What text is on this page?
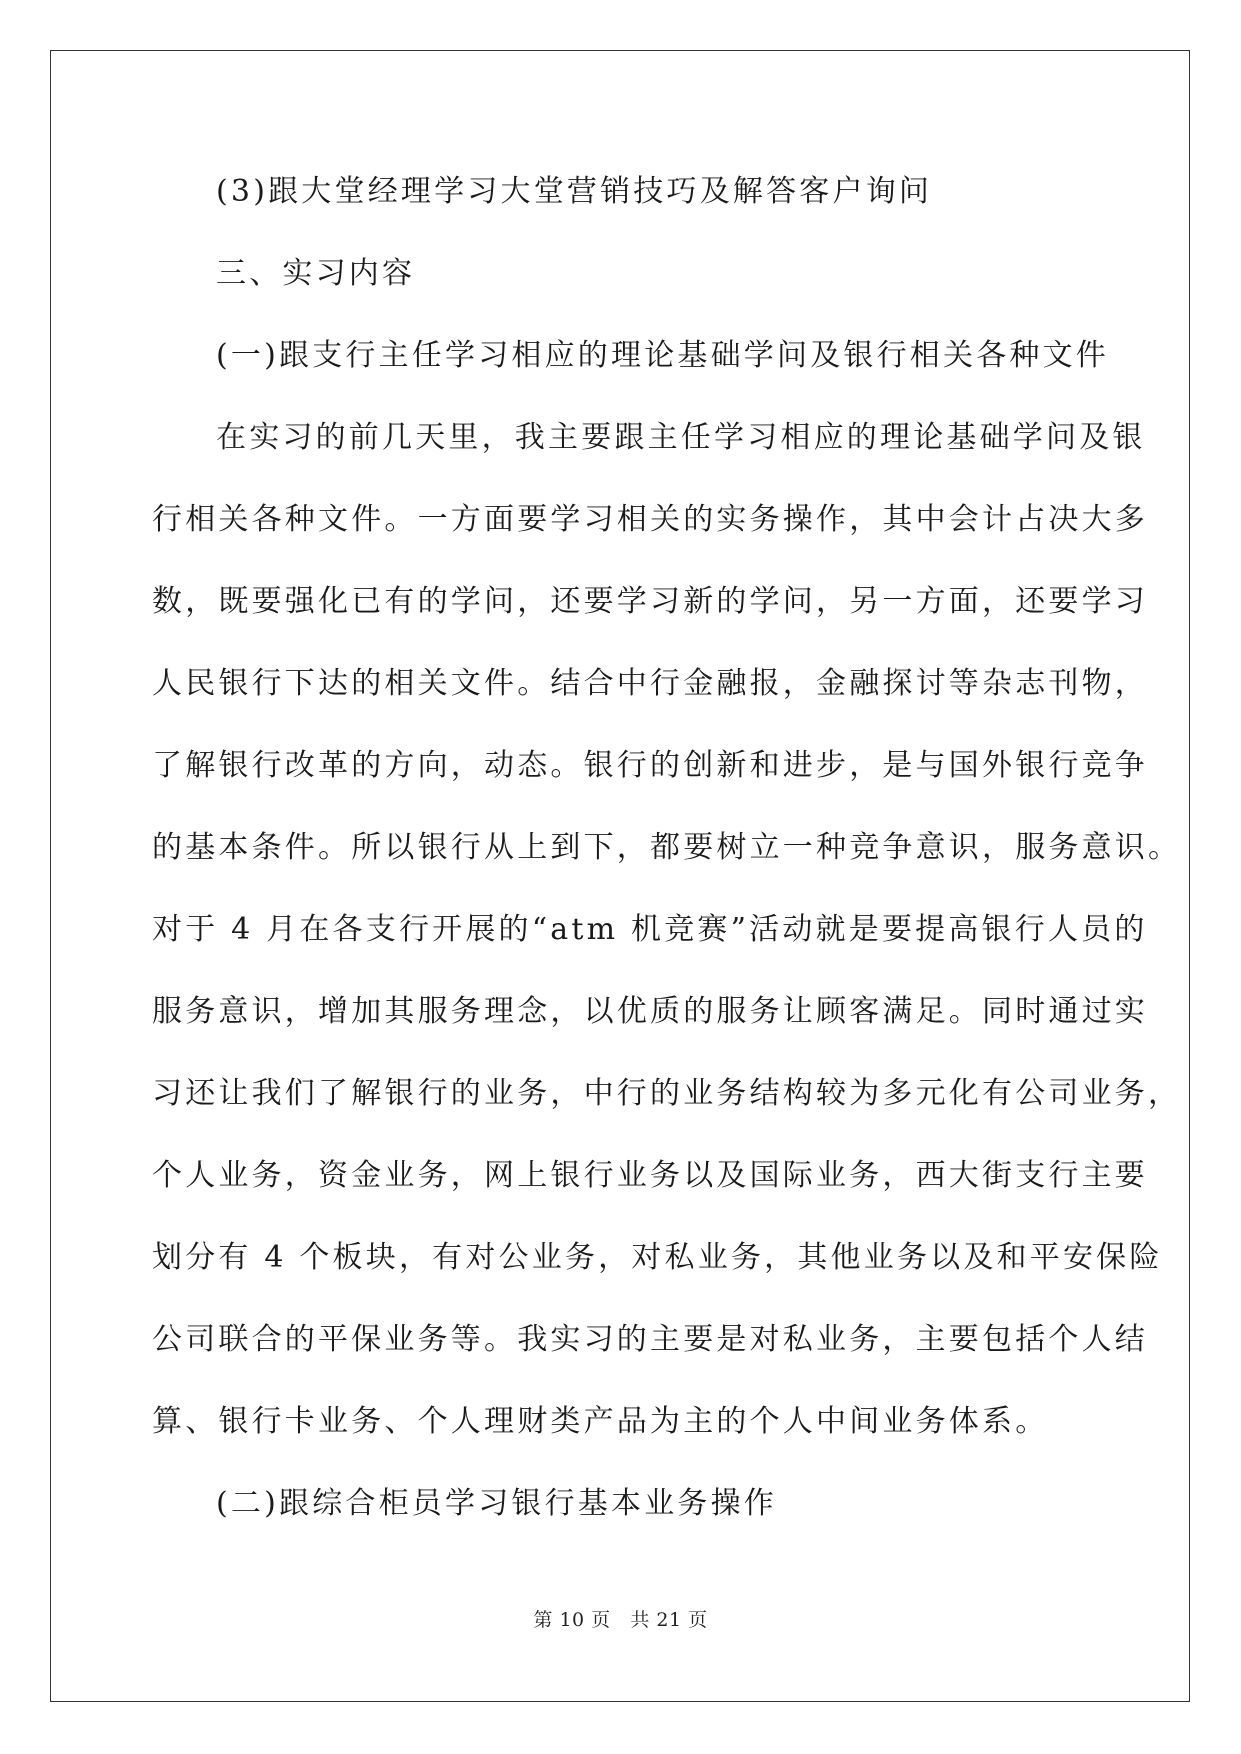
(3)跟大堂经理学习大堂营销技巧及解答客户询问
三、实习内容
(一)跟支行主任学习相应的理论基础学问及银行相关各种文件
在实习的前几天里，我主要跟主任学习相应的理论基础学问及银
行相关各种文件。一方面要学习相关的实务操作，其中会计占决大多
数，既要强化已有的学问，还要学习新的学问，另一方面，还要学习
人民银行下达的相关文件。结合中行金融报，金融探讨等杂志刊物，
了解银行改革的方向，动态。银行的创新和进步，是与国外银行竞争
的基本条件。所以银行从上到下，都要树立一种竞争意识，服务意识。
对于 4 月在各支行开展的“atm 机竞赛”活动就是要提高银行人员的
服务意识，增加其服务理念，以优质的服务让顾客满足。同时通过实
习还让我们了解银行的业务，中行的业务结构较为多元化有公司业务，
个人业务，资金业务，网上银行业务以及国际业务，西大街支行主要
划分有 4 个板块，有对公业务，对私业务，其他业务以及和平安保险
公司联合的平保业务等。我实习的主要是对私业务，主要包括个人结
算、银行卡业务、个人理财类产品为主的个人中间业务体系。
(二)跟综合柜员学习银行基本业务操作
第 10 页 共 21 页
